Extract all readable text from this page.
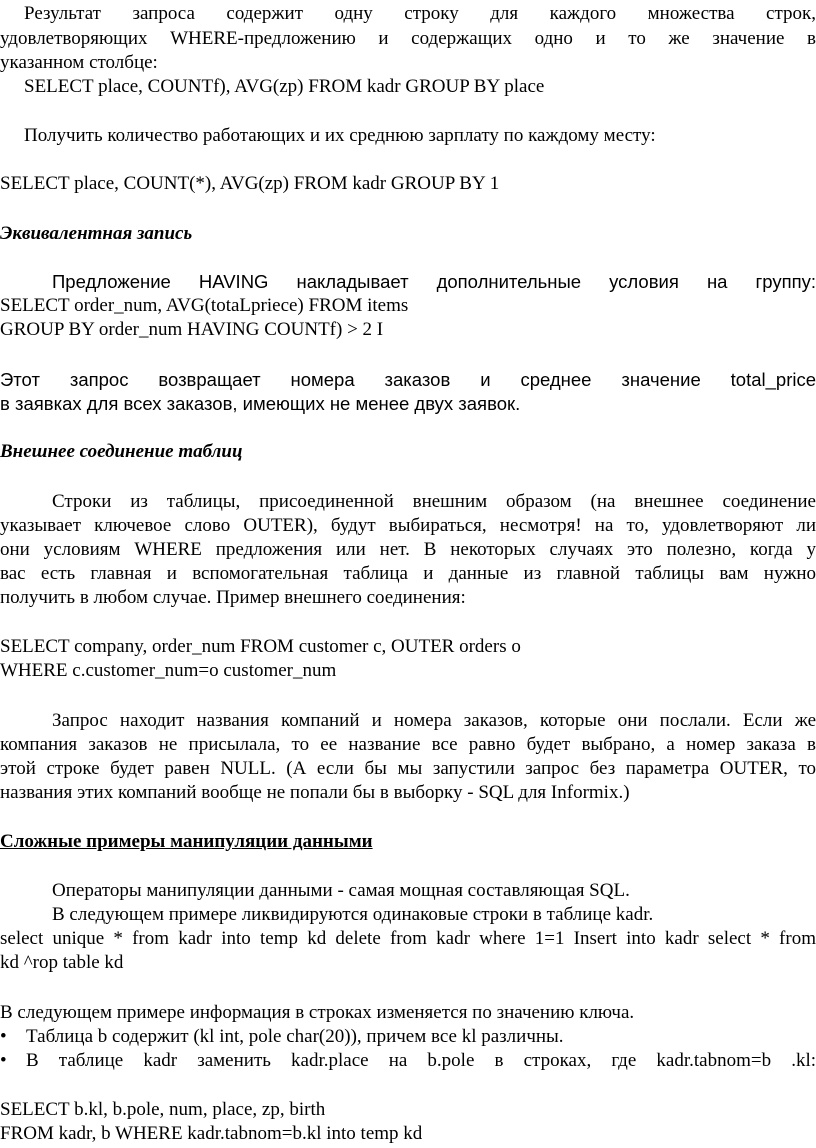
Результат запроса содержит одну строку для каждого множества строк,
удовлетворяющих WHERE-предложению и содержащих одно и то же значение в
указанном столбце:
SELECT place, COUNTf), AVG(zp) FROM kadr GROUP BY place
Получить количество работающих и их среднюю зарплату по каждому месту:
SELECT place, COUNT(*), AVG(zp) FROM kadr GROUP BY 1
Эквивалентная запись
Предложение HAVING накладывает дополнительные условия на группу:
SELECT order_num, AVG(totaLpriece) FROM items
GROUP BY order_num HAVING COUNTf) > 2 I
Этот запрос возвращает номера заказов и среднее значение total_price
в заявках для всех заказов, имеющих не менее двух заявок.
Внешнее соединение таблиц
Строки из таблицы, присоединенной внешним образом (на внешнее соединение
указывает ключевое слово OUTER), будут выбираться, несмотря! на то, удовлетворяют ли
они условиям WHERE предложения или нет. В некоторых случаях это полезно, когда у
вас есть главная и вспомогательная таблица и данные из главной таблицы вам нужно
получить в любом случае. Пример внешнего соединения:
SELECT company, order_num FROM customer с, OUTER orders о
WHERE c.customer_num=o customer_num
Запрос находит названия компаний и номера заказов, которые они послали. Если же
компания заказов не присылала, то ее название все равно будет выбрано, а номер заказа в
этой строке будет равен NULL. (А если бы мы запустили запрос без параметра OUTER, то
названия этих компаний вообще не попали бы в выборку - SQL для Informix.)
Сложные примеры манипуляции данными
Операторы манипуляции данными - самая мощная составляющая SQL.
В следующем примере ликвидируются одинаковые строки в таблице kadr.
select unique * from kadr into temp kd delete from kadr where 1=1 Insert into kadr select * from
kd ^rop table kd
В следующем примере информация в строках изменяется по значению ключа.
• Таблица b содержит (kl int, pole char(20)), причем все kl различны.
•	В таблице kadr заменить kadr.place на b.pole в строках, где kadr.tabnom=b .kl:
SELECT b.kl, b.pole, num, place, zp, birth
FROM kadr, b WHERE kadr.tabnom=b.kl into temp kd
